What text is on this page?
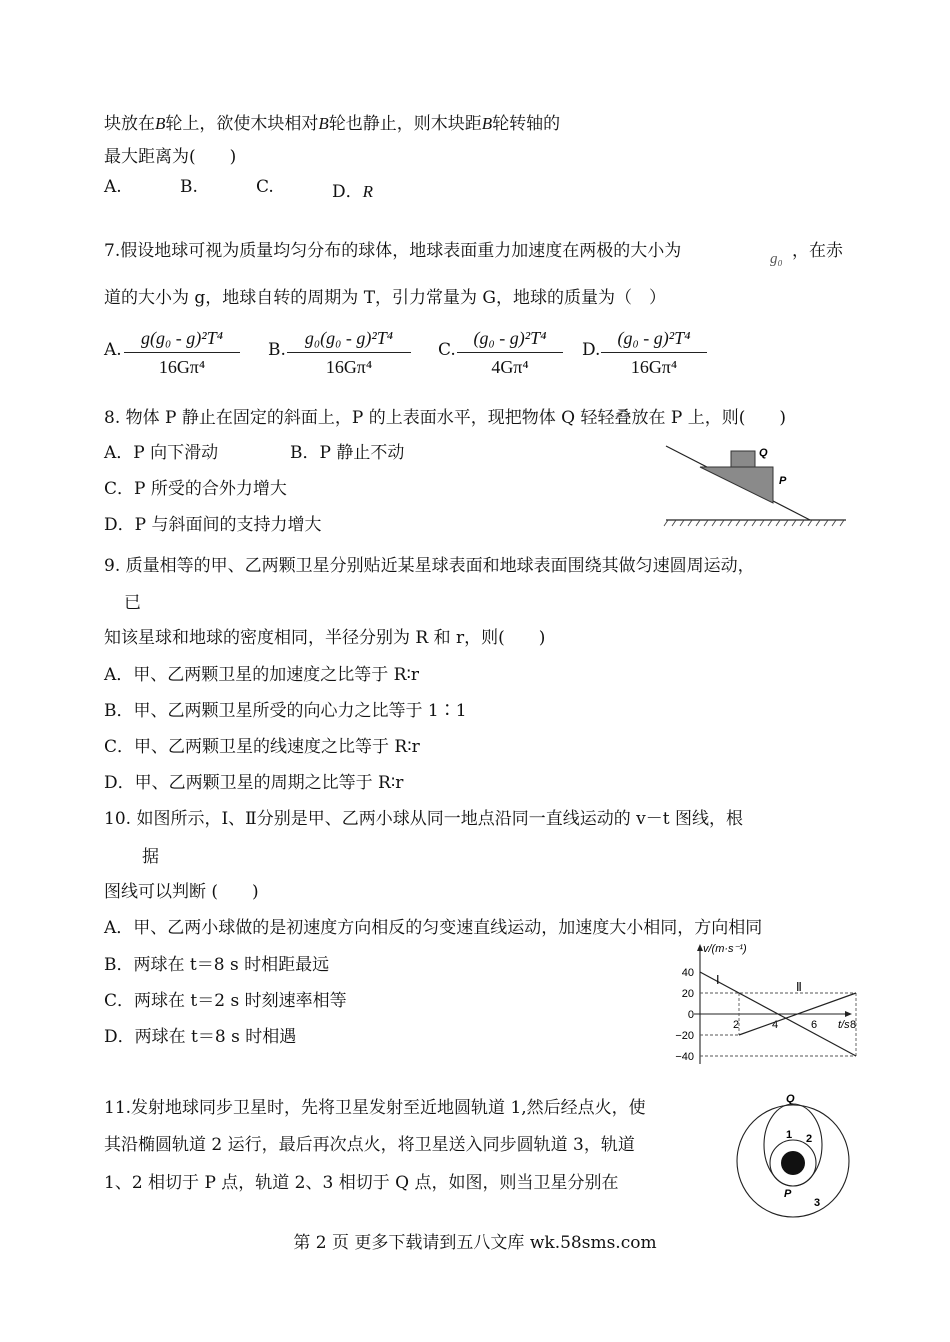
块放在B轮上，欲使木块相对B轮也静止，则木块距B轮转轴的
最大距离为(　　)
A.	B.	C.	D．R
7.假设地球可视为质量均匀分布的球体，地球表面重力加速度在两极的大小为	g₀ ，在赤
道的大小为 g，地球自转的周期为 T，引力常量为 G，地球的质量为（　）
A. $\frac{\text{g(g₀ - g)²T⁴}}{\text{16Gπ⁴}} B$. $\frac{\text{g₀(g₀ - g)²T⁴}}{\text{16Gπ⁴}} C$. $\frac{\text{(g₀ - g)²T⁴}}{\text{4Gπ⁴}} D$. $\frac{\text{(g₀ - g)²T⁴}}{\text{16Gπ⁴}}$
8. 物体 P 静止在固定的斜面上，P 的上表面水平，现把物体 Q 轻轻叠放在 P 上，则(　　)
A．P 向下滑动	B．P 静止不动
C．P 所受的合外力增大
D．P 与斜面间的支持力增大
Q
P
9. 质量相等的甲、乙两颗卫星分别贴近某星球表面和地球表面围绕其做匀速圆周运动，
已
知该星球和地球的密度相同，半径分别为 R 和 r，则(　　)
A．甲、乙两颗卫星的加速度之比等于 R∶r
B．甲、乙两颗卫星所受的向心力之比等于 1∶1
C．甲、乙两颗卫星的线速度之比等于 R∶r
D．甲、乙两颗卫星的周期之比等于 R∶r
10. 如图所示，Ⅰ、Ⅱ分别是甲、乙两小球从同一地点沿同一直线运动的 v－t 图线，根
据
图线可以判断 (　　)
A．甲、乙两小球做的是初速度方向相反的匀变速直线运动，加速度大小相同，方向相同
B．两球在 t＝8 s 时相距最远
C．两球在 t＝2 s 时刻速率相等
D．两球在 t＝8 s 时相遇
v/(m·s⁻¹)
t/s
40
20
0
−20
−40
2	4	6	8
Ⅰ	Ⅱ
11.发射地球同步卫星时，先将卫星发射至近地圆轨道 1,然后经点火，使
其沿椭圆轨道 2 运行，最后再次点火，将卫星送入同步圆轨道 3，轨道
1、2 相切于 P 点，轨道 2、3 相切于 Q 点，如图，则当卫星分别在
Q
P
1 2
3
第 2 页 更多下载请到五八文库 wk.58sms.com
